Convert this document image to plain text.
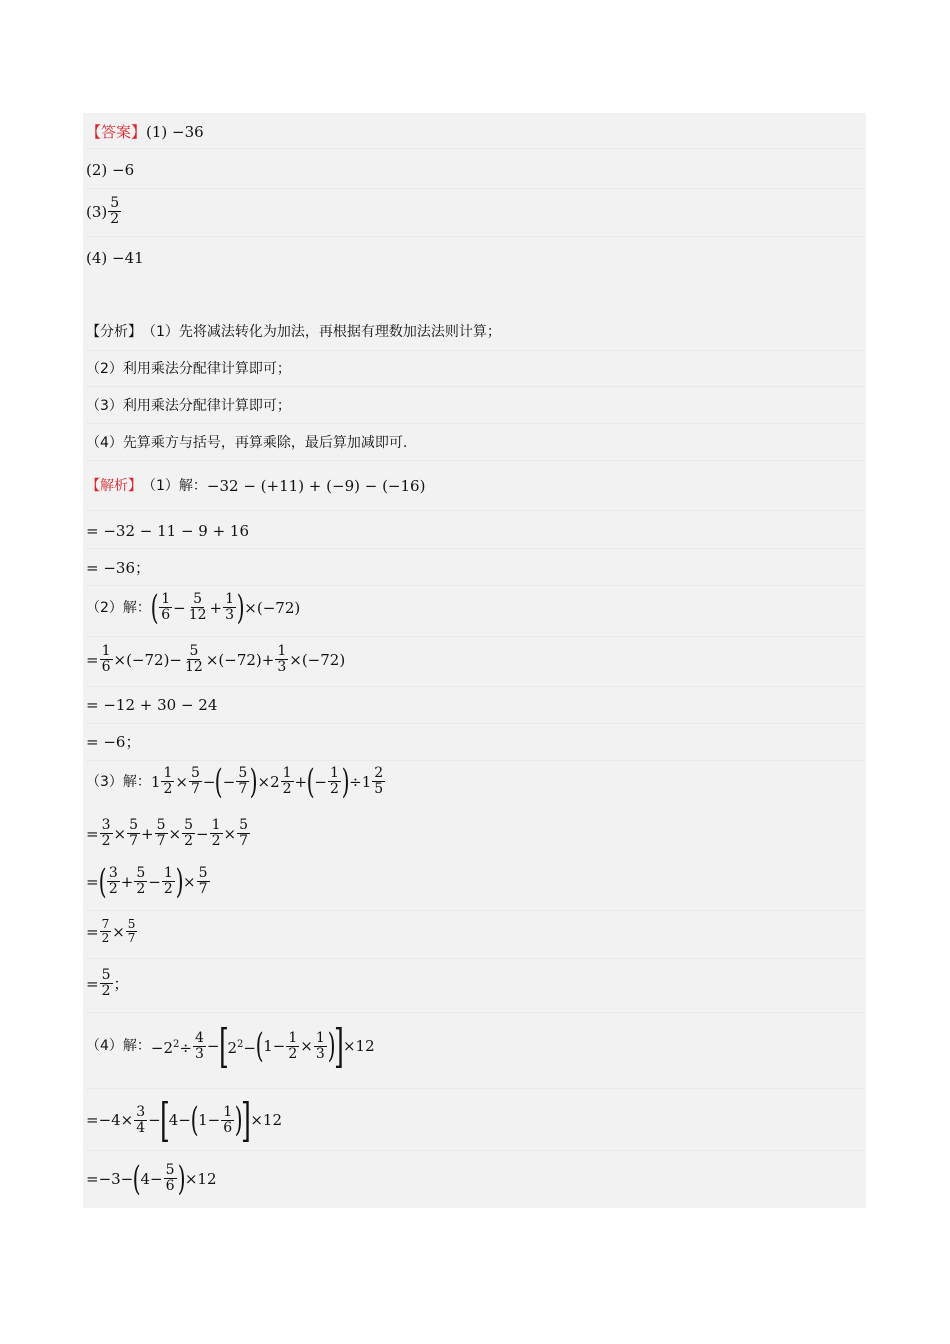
【答案】 (1) −36
(2) −6
$(3) \frac{5}{2}$
(4) −41
【分析】 （1）先将减法转化为加法，再根据有理数加法法则计算；
（2）利用乘法分配律计算即可；
（3）利用乘法分配律计算即可；
（4）先算乘方与括号，再算乘除，最后算加减即可.
【解析】 （1）解： −32 − (+11) + (−9) − (−16)
= −32 − 11 − 9 + 16
= −36；
（2）解： ( $\frac{1}{6} - \frac{5}{12} + \frac{1}{3}$ ) ×(−72)
= $\frac{1}{6} \times(-72)- \frac{5}{12} \times(-72)+ \frac{1}{3} \times(-72)$
= −12 + 30 − 24
= −6；
（3）解： $1 \frac{1}{2} \times \frac{5}{7}$ − ( − $\frac{5}{7}$ ) × $2 \frac{1}{2}$ + ( − $\frac{1}{2}$ ) ÷ $1 \frac{2}{5}$
= $\frac{3}{2} \times \frac{5}{7} + \frac{5}{7} \times \frac{5}{2} - \frac{1}{2} \times \frac{5}{7}$
= ( $\frac{3}{2} + \frac{5}{2} - \frac{1}{2}$ ) × $\frac{5}{7}$
= $\frac{7}{2} \times \frac{5}{7}$
= $\frac{5}{2}$ ；
（4）解： $-2^2\div \frac{4}{3}$ − [ $2^2-$ ( $1- \frac{1}{2} \times \frac{1}{3}$ )
] ×12
$=-4\times \frac{3}{4}$ − [ 4− ( $1- \frac{1}{6}$ )
] ×12
=−3− ( $4- \frac{5}{6}$ ) ×12
